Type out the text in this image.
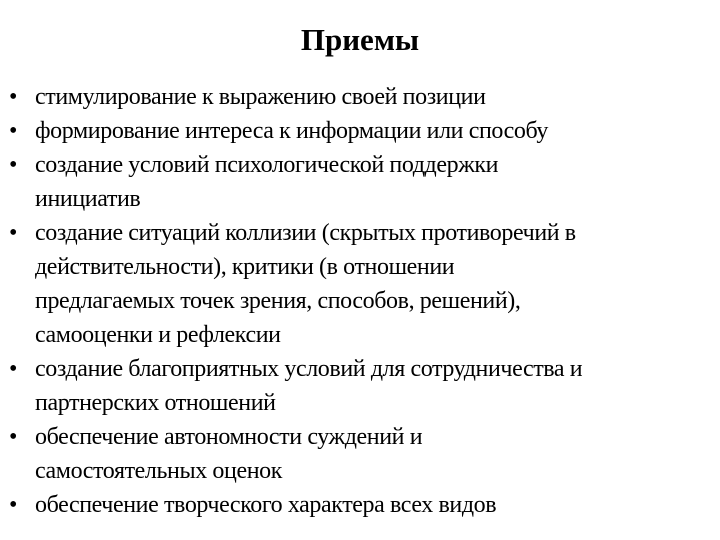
Приемы
• стимулирование к выражению своей позиции
• формирование интереса к информации или способу
• создание условий психологической поддержки
инициатив
• создание ситуаций коллизии (скрытых противоречий в
действительности), критики (в отношении
предлагаемых точек зрения, способов, решений),
самооценки и рефлексии
• создание благоприятных условий для сотрудничества и
партнерских отношений
• обеспечение автономности суждений и
самостоятельных оценок
• обеспечение творческого характера всех видов
